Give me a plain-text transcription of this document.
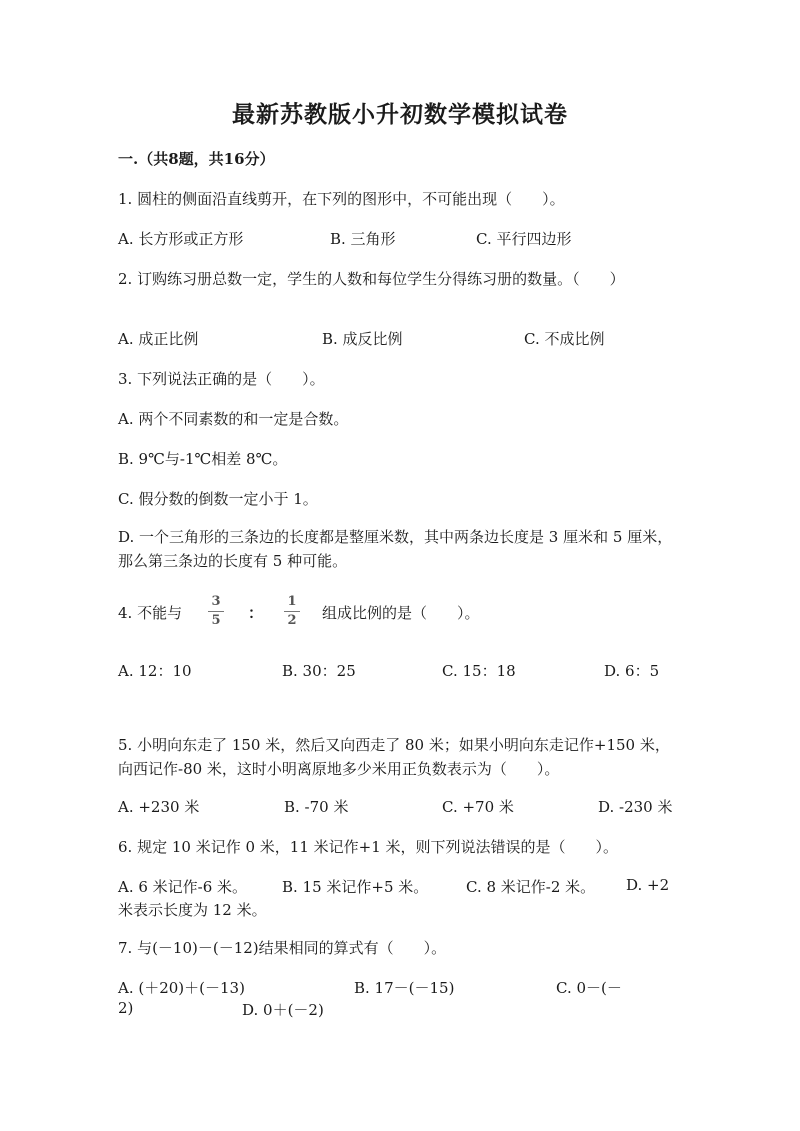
最新苏教版小升初数学模拟试卷
一.（共8题，共16分）
1. 圆柱的侧面沿直线剪开，在下列的图形中，不可能出现（　　）。
A. 长方形或正方形	B. 三角形	C. 平行四边形
2. 订购练习册总数一定，学生的人数和每位学生分得练习册的数量。（　　）
A. 成正比例	B. 成反比例	C. 不成比例
3. 下列说法正确的是（　　）。
A. 两个不同素数的和一定是合数。
B. 9℃与-1℃相差 8℃。
C. 假分数的倒数一定小于 1。
D. 一个三角形的三条边的长度都是整厘米数，其中两条边长度是 3 厘米和 5 厘米，那么第三条边的长度有 5 种可能。
4. 不能与
3
5 ：
1
2 组成比例的是（　　）。
A. 12：10	B. 30：25	C. 15：18	D. 6：5
5. 小明向东走了 150 米，然后又向西走了 80 米；如果小明向东走记作+150 米，向西记作-80 米，这时小明离原地多少米用正负数表示为（　　）。
A. +230 米	B. -70 米	C. +70 米	D. -230 米
6. 规定 10 米记作 0 米，11 米记作+1 米，则下列说法错误的是（　　）。
A. 6 米记作-6 米。 B. 15 米记作+5 米。	C. 8 米记作-2 米。 D. +2
米表示长度为 12 米。
7. 与(－10)－(－12)结果相同的算式有（　　）。
A. (＋20)＋(－13)	B. 17－(－15)	C. 0－(－
2)	D. 0＋(－2)
